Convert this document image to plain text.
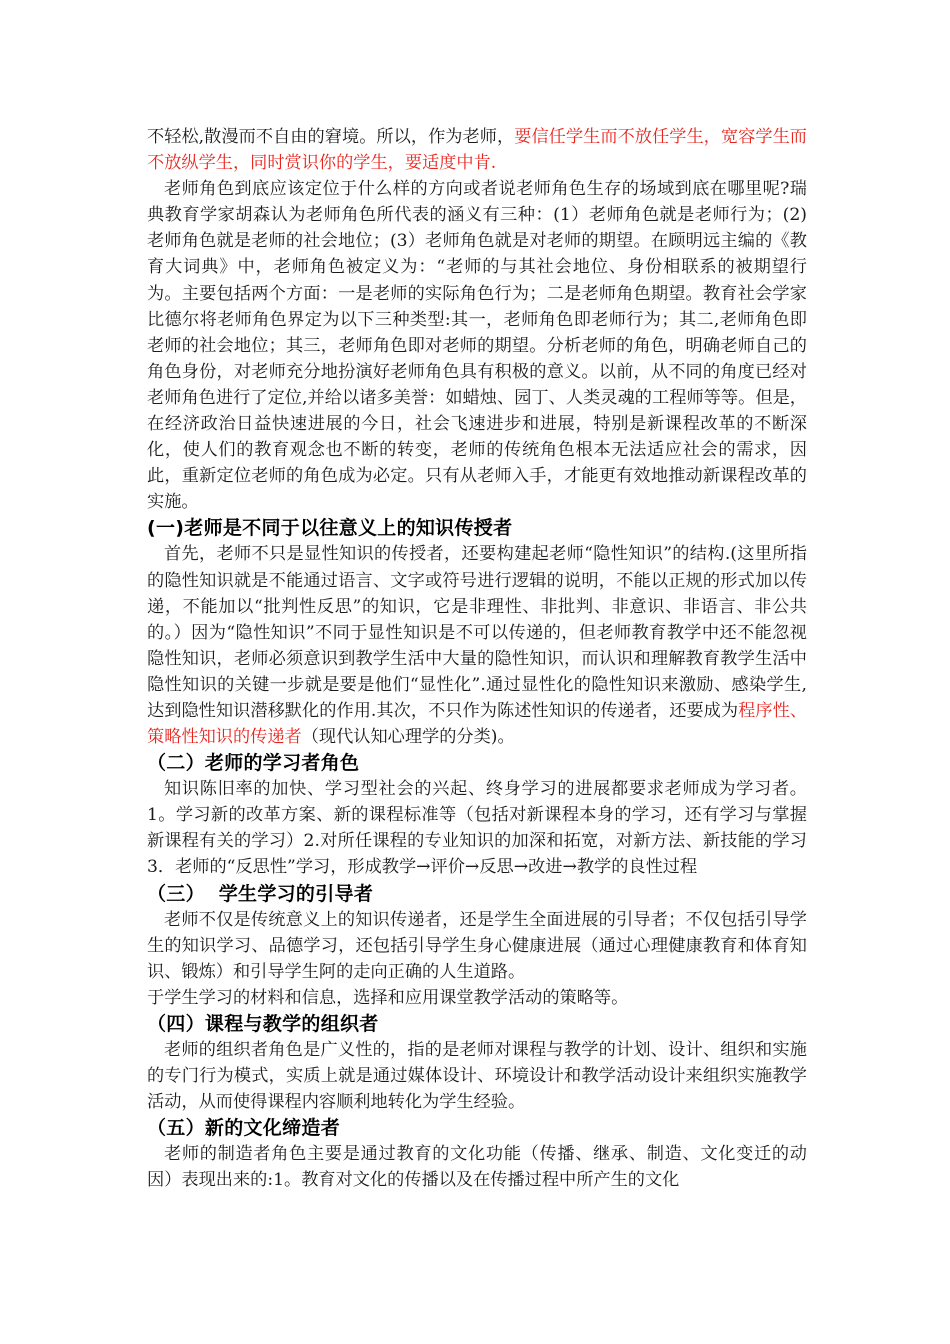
不轻松,散漫而不自由的窘境。所以，作为老师，要信任学生而不放任学生，宽容学生而不放纵学生，同时赏识你的学生，要适度中肯.

老师角色到底应该定位于什么样的方向或者说老师角色生存的场域到底在哪里呢?瑞典教育学家胡森认为老师角色所代表的涵义有三种：(1）老师角色就是老师行为；(2)老师角色就是老师的社会地位；(3）老师角色就是对老师的期望。在顾明远主编的《教育大词典》中，老师角色被定义为：“老师的与其社会地位、身份相联系的被期望行为。主要包括两个方面：一是老师的实际角色行为；二是老师角色期望。教育社会学家比德尔将老师角色界定为以下三种类型:其一，老师角色即老师行为；其二,老师角色即老师的社会地位；其三，老师角色即对老师的期望。分析老师的角色，明确老师自己的角色身份，对老师充分地扮演好老师角色具有积极的意义。以前，从不同的角度已经对老师角色进行了定位,并给以诸多美誉：如蜡烛、园丁、人类灵魂的工程师等等。但是，在经济政治日益快速进展的今日，社会飞速进步和进展，特别是新课程改革的不断深化，使人们的教育观念也不断的转变，老师的传统角色根本无法适应社会的需求，因此，重新定位老师的角色成为必定。只有从老师入手，才能更有效地推动新课程改革的实施。

(一)老师是不同于以往意义上的知识传授者

首先，老师不只是显性知识的传授者，还要构建起老师“隐性知识”的结构.(这里所指的隐性知识就是不能通过语言、文字或符号进行逻辑的说明，不能以正规的形式加以传递，不能加以“批判性反思”的知识，它是非理性、非批判、非意识、非语言、非公共的。）因为“隐性知识”不同于显性知识是不可以传递的，但老师教育教学中还不能忽视隐性知识，老师必须意识到教学生活中大量的隐性知识，而认识和理解教育教学生活中隐性知识的关键一步就是要是他们“显性化”.通过显性化的隐性知识来激励、感染学生,达到隐性知识潜移默化的作用.其次，不只作为陈述性知识的传递者，还要成为程序性、策略性知识的传递者（现代认知心理学的分类)。

（二）老师的学习者角色

知识陈旧率的加快、学习型社会的兴起、终身学习的进展都要求老师成为学习者。1。学习新的改革方案、新的课程标准等（包括对新课程本身的学习，还有学习与掌握新课程有关的学习）2.对所任课程的专业知识的加深和拓宽，对新方法、新技能的学习3．老师的“反思性”学习，形成教学→评价→反思→改进→教学的良性过程

（三）  学生学习的引导者

老师不仅是传统意义上的知识传递者，还是学生全面进展的引导者；不仅包括引导学生的知识学习、品德学习，还包括引导学生身心健康进展（通过心理健康教育和体育知识、锻炼）和引导学生阿的走向正确的人生道路。

于学生学习的材料和信息，选择和应用课堂教学活动的策略等。

（四）课程与教学的组织者

老师的组织者角色是广义性的，指的是老师对课程与教学的计划、设计、组织和实施的专门行为模式，实质上就是通过媒体设计、环境设计和教学活动设计来组织实施教学活动，从而使得课程内容顺利地转化为学生经验。

（五）新的文化缔造者

老师的制造者角色主要是通过教育的文化功能（传播、继承、制造、文化变迁的动因）表现出来的:1。教育对文化的传播以及在传播过程中所产生的文化
